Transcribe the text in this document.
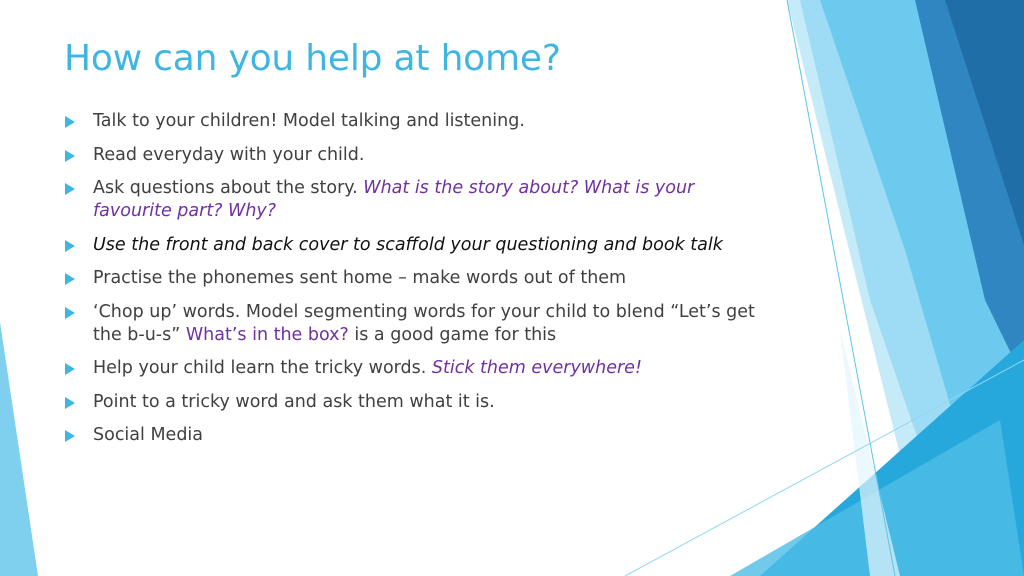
How can you help at home?
Talk to your children! Model talking and listening.
Read everyday with your child.
Ask questions about the story. What is the story about? What is your favourite part? Why?
Use the front and back cover to scaffold your questioning and book talk
Practise the phonemes sent home – make words out of them
‘Chop up’ words. Model segmenting words for your child to blend “Let’s get the b-u-s” What’s in the box? is a good game for this
Help your child learn the tricky words. Stick them everywhere!
Point to a tricky word and ask them what it is.
Social Media
